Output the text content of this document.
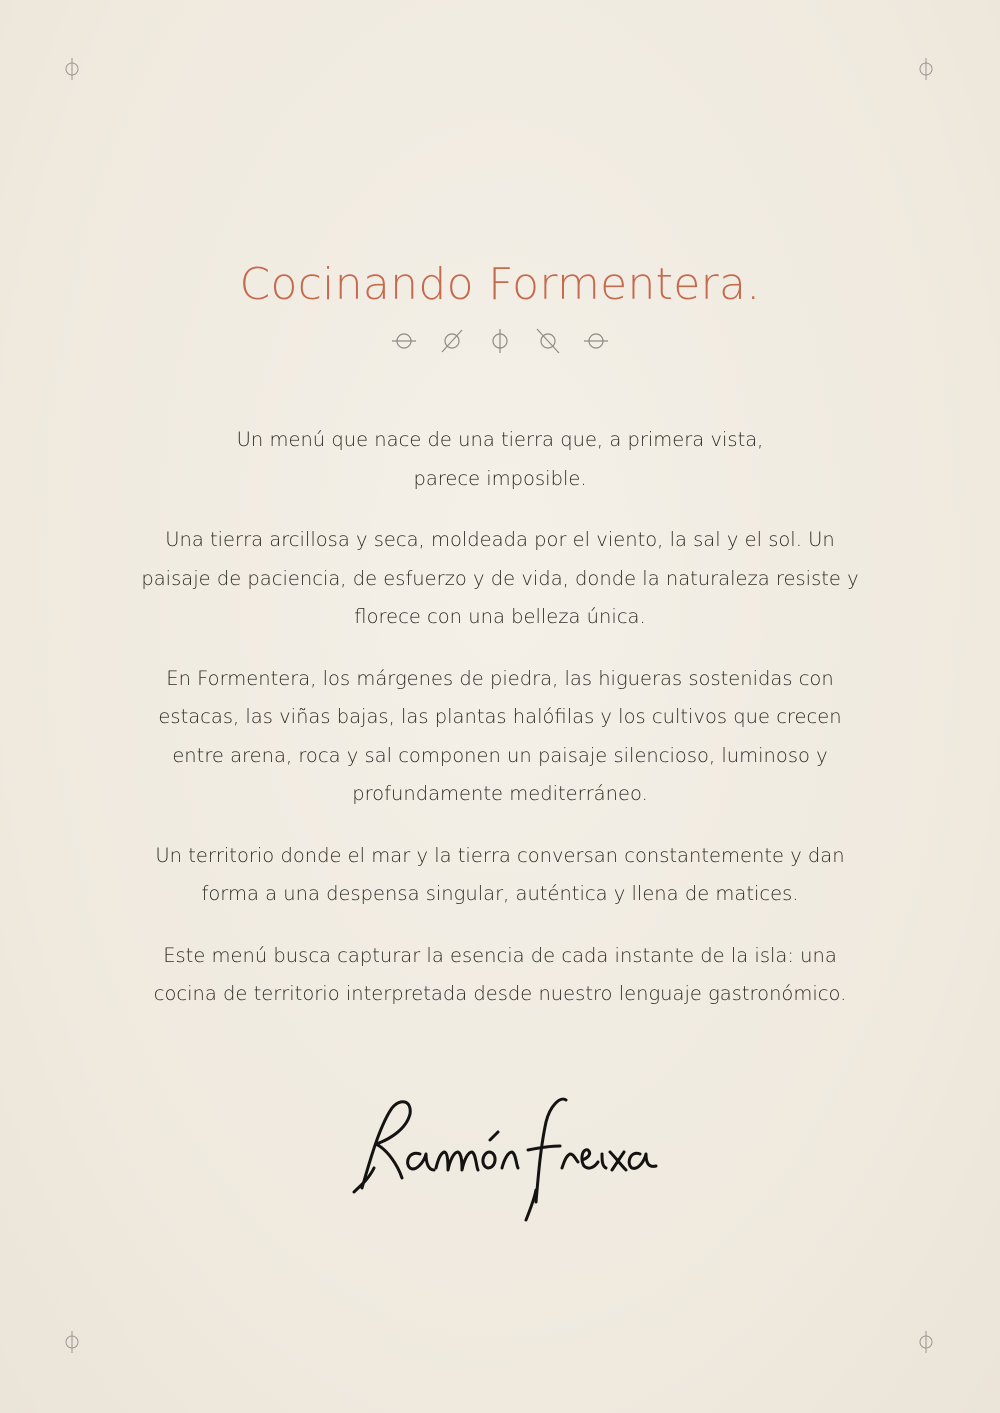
Cocinando Formentera.

Un menú que nace de una tierra que, a primera vista,
parece imposible.

Una tierra arcillosa y seca, moldeada por el viento, la sal y el sol. Un paisaje de paciencia, de esfuerzo y de vida, donde la naturaleza resiste y florece con una belleza única.

En Formentera, los márgenes de piedra, las higueras sostenidas con estacas, las viñas bajas, las plantas halófilas y los cultivos que crecen entre arena, roca y sal componen un paisaje silencioso, luminoso y profundamente mediterráneo.

Un territorio donde el mar y la tierra conversan constantemente y dan forma a una despensa singular, auténtica y llena de matices.

Este menú busca capturar la esencia de cada instante de la isla: una cocina de territorio interpretada desde nuestro lenguaje gastronómico.
